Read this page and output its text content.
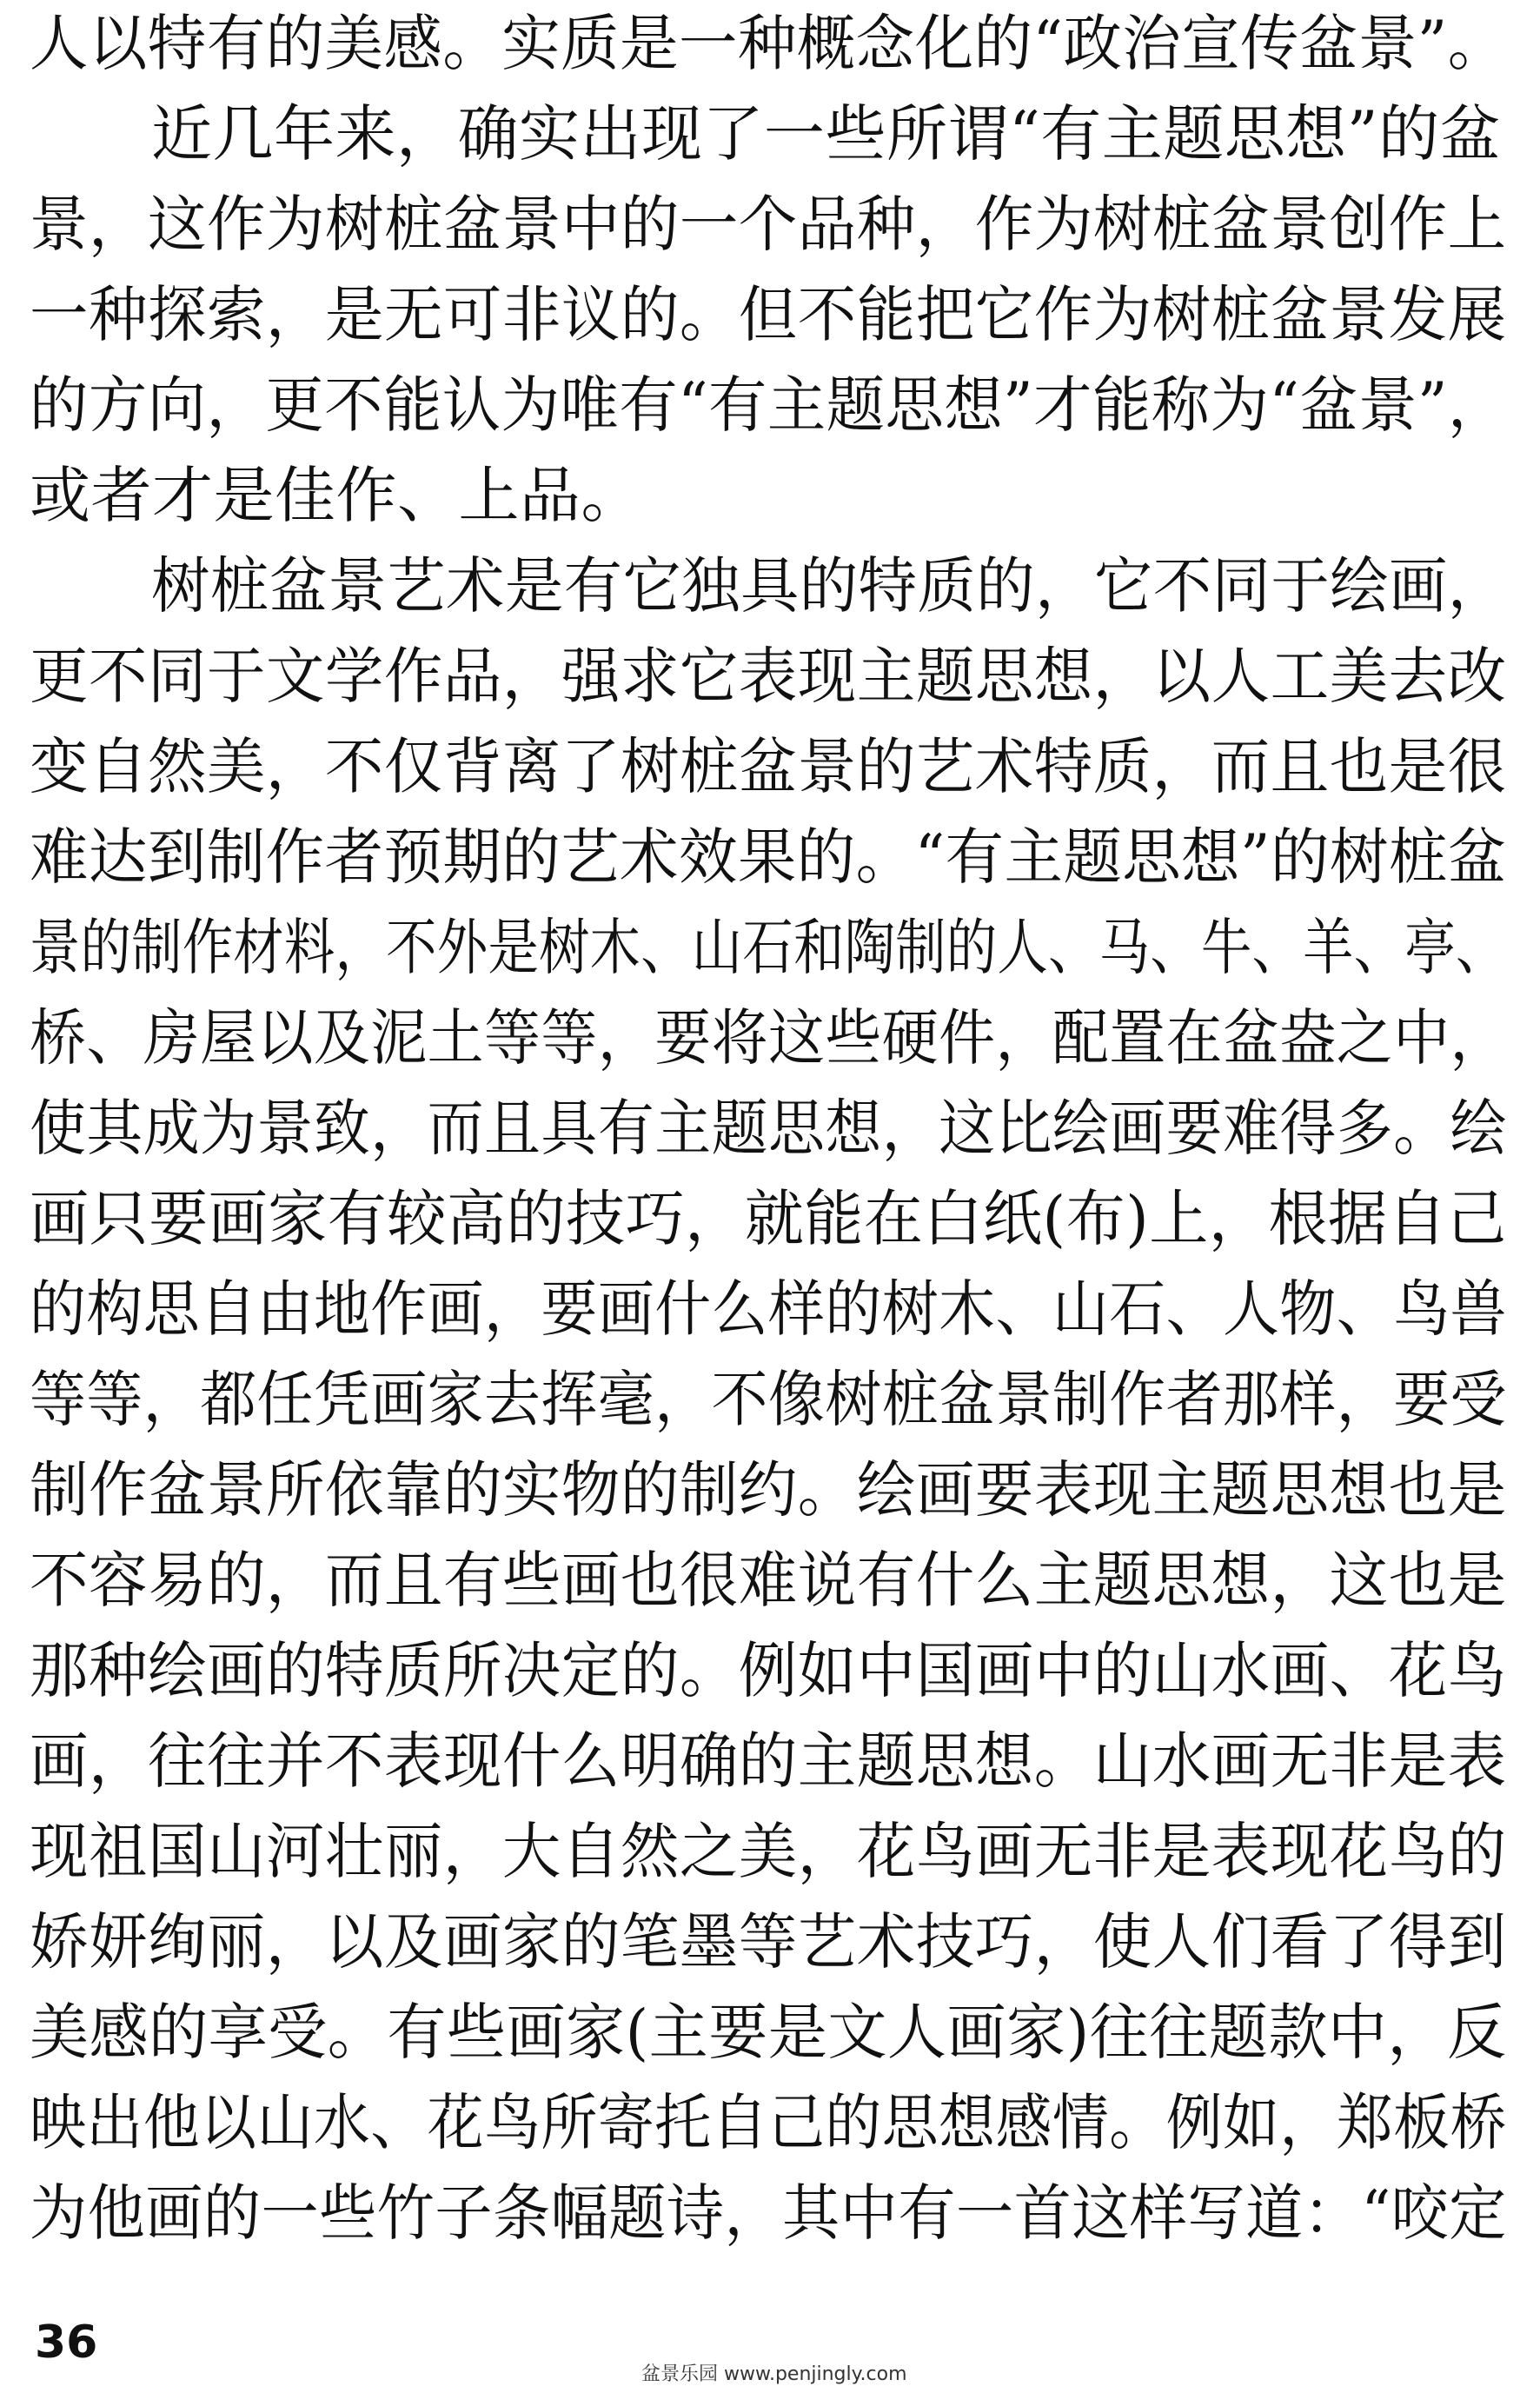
人以特有的美感。实质是一种概念化的“政治宣传盆景”。
近几年来，确实出现了一些所谓“有主题思想”的盆
景，这作为树桩盆景中的一个品种，作为树桩盆景创作上
一种探索，是无可非议的。但不能把它作为树桩盆景发展
的方向，更不能认为唯有“有主题思想”才能称为“盆景”，
或者才是佳作、上品。
树桩盆景艺术是有它独具的特质的，它不同于绘画，
更不同于文学作品，强求它表现主题思想，以人工美去改
变自然美，不仅背离了树桩盆景的艺术特质，而且也是很
难达到制作者预期的艺术效果的。“有主题思想”的树桩盆
景的制作材料，不外是树木、山石和陶制的人、马、牛、羊、亭、
桥、房屋以及泥土等等，要将这些硬件，配置在盆盎之中，
使其成为景致，而且具有主题思想，这比绘画要难得多。绘
画只要画家有较高的技巧，就能在白纸(布)上，根据自己
的构思自由地作画，要画什么样的树木、山石、人物、鸟兽
等等，都任凭画家去挥毫，不像树桩盆景制作者那样，要受
制作盆景所依靠的实物的制约。绘画要表现主题思想也是
不容易的，而且有些画也很难说有什么主题思想，这也是
那种绘画的特质所决定的。例如中国画中的山水画、花鸟
画，往往并不表现什么明确的主题思想。山水画无非是表
现祖国山河壮丽，大自然之美，花鸟画无非是表现花鸟的
娇妍绚丽，以及画家的笔墨等艺术技巧，使人们看了得到
美感的享受。有些画家(主要是文人画家)往往题款中，反
映出他以山水、花鸟所寄托自己的思想感情。例如，郑板桥
为他画的一些竹子条幅题诗，其中有一首这样写道：“咬定
36
盆景乐园 www.penjingly.com
